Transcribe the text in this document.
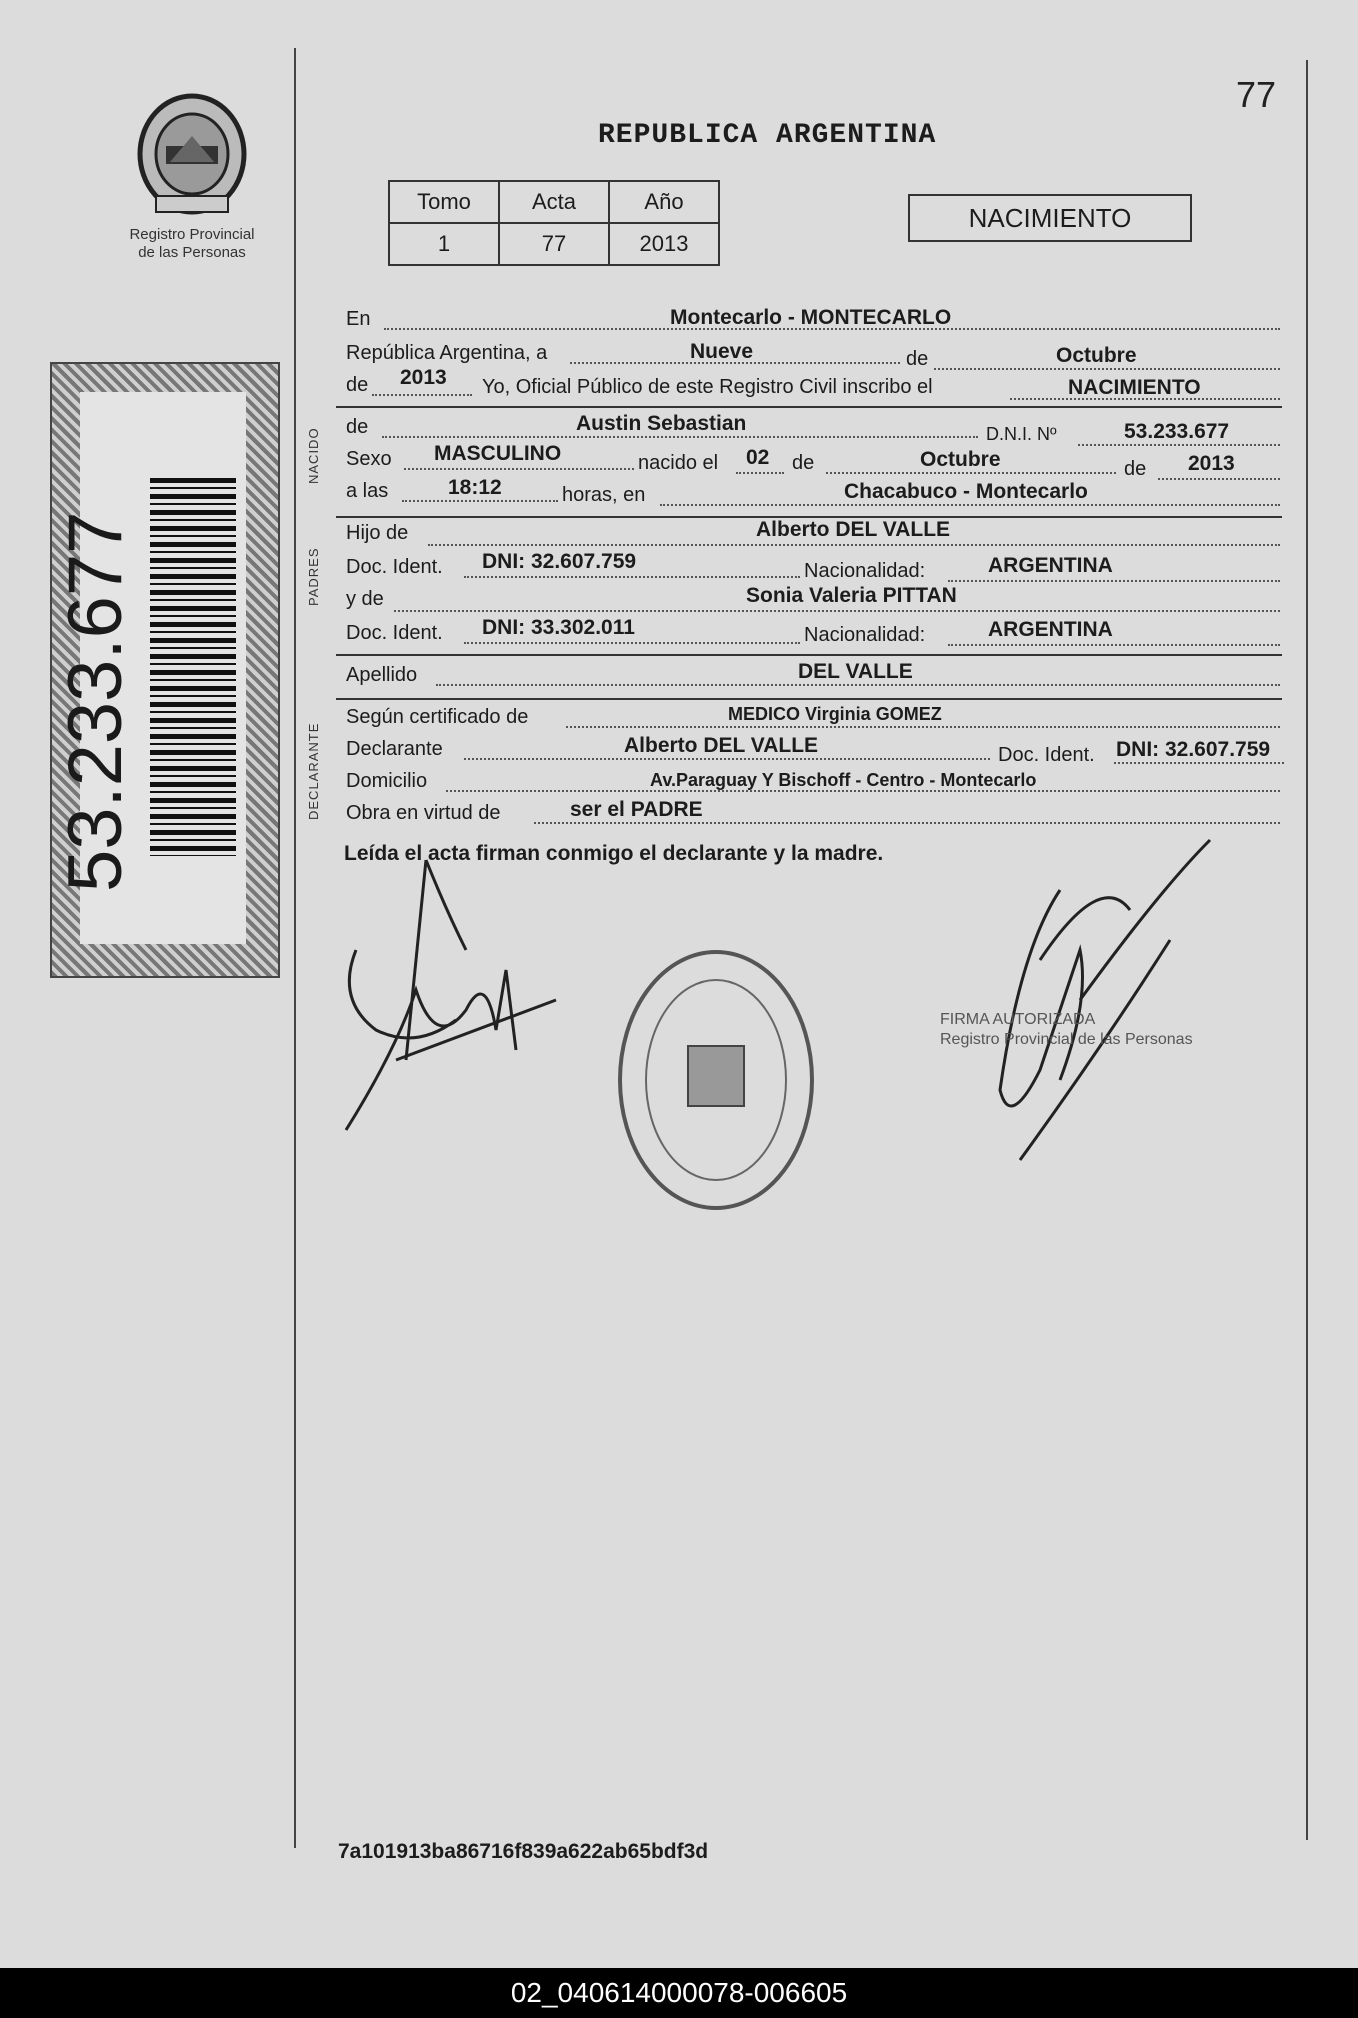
Registro Provincial
de las Personas
77
REPUBLICA ARGENTINA
Tomo	Acta	Año
1	77	2013
NACIMIENTO
En	Montecarlo - MONTECARLO
República Argentina, a	Nueve	de	Octubre
de 2013 Yo, Oficial Público de este Registro Civil inscribo el	NACIMIENTO
NACIDO
de	Austin Sebastian	D.N.I. Nº	53.233.677
Sexo MASCULINO	nacido el 02 de	Octubre	de 2013
a las	18:12	horas, en	Chacabuco - Montecarlo
PADRES
Hijo de	Alberto DEL VALLE
Doc. Ident. DNI: 32.607.759	Nacionalidad:	ARGENTINA
y de	Sonia Valeria PITTAN
Doc. Ident. DNI: 33.302.011	Nacionalidad:	ARGENTINA
Apellido	DEL VALLE
DECLARANTE
Según certificado de	MEDICO Virginia GOMEZ
Declarante	Alberto DEL VALLE	Doc. Ident. DNI: 32.607.759
Domicilio	Av.Paraguay Y Bischoff - Centro - Montecarlo
Obra en virtud de	ser el PADRE
Leída el acta firman conmigo el declarante y la madre.
FIRMA AUTORIZADA
Registro Provincial de las Personas
7a101913ba86716f839a622ab65bdf3d
02_040614000078-006605
